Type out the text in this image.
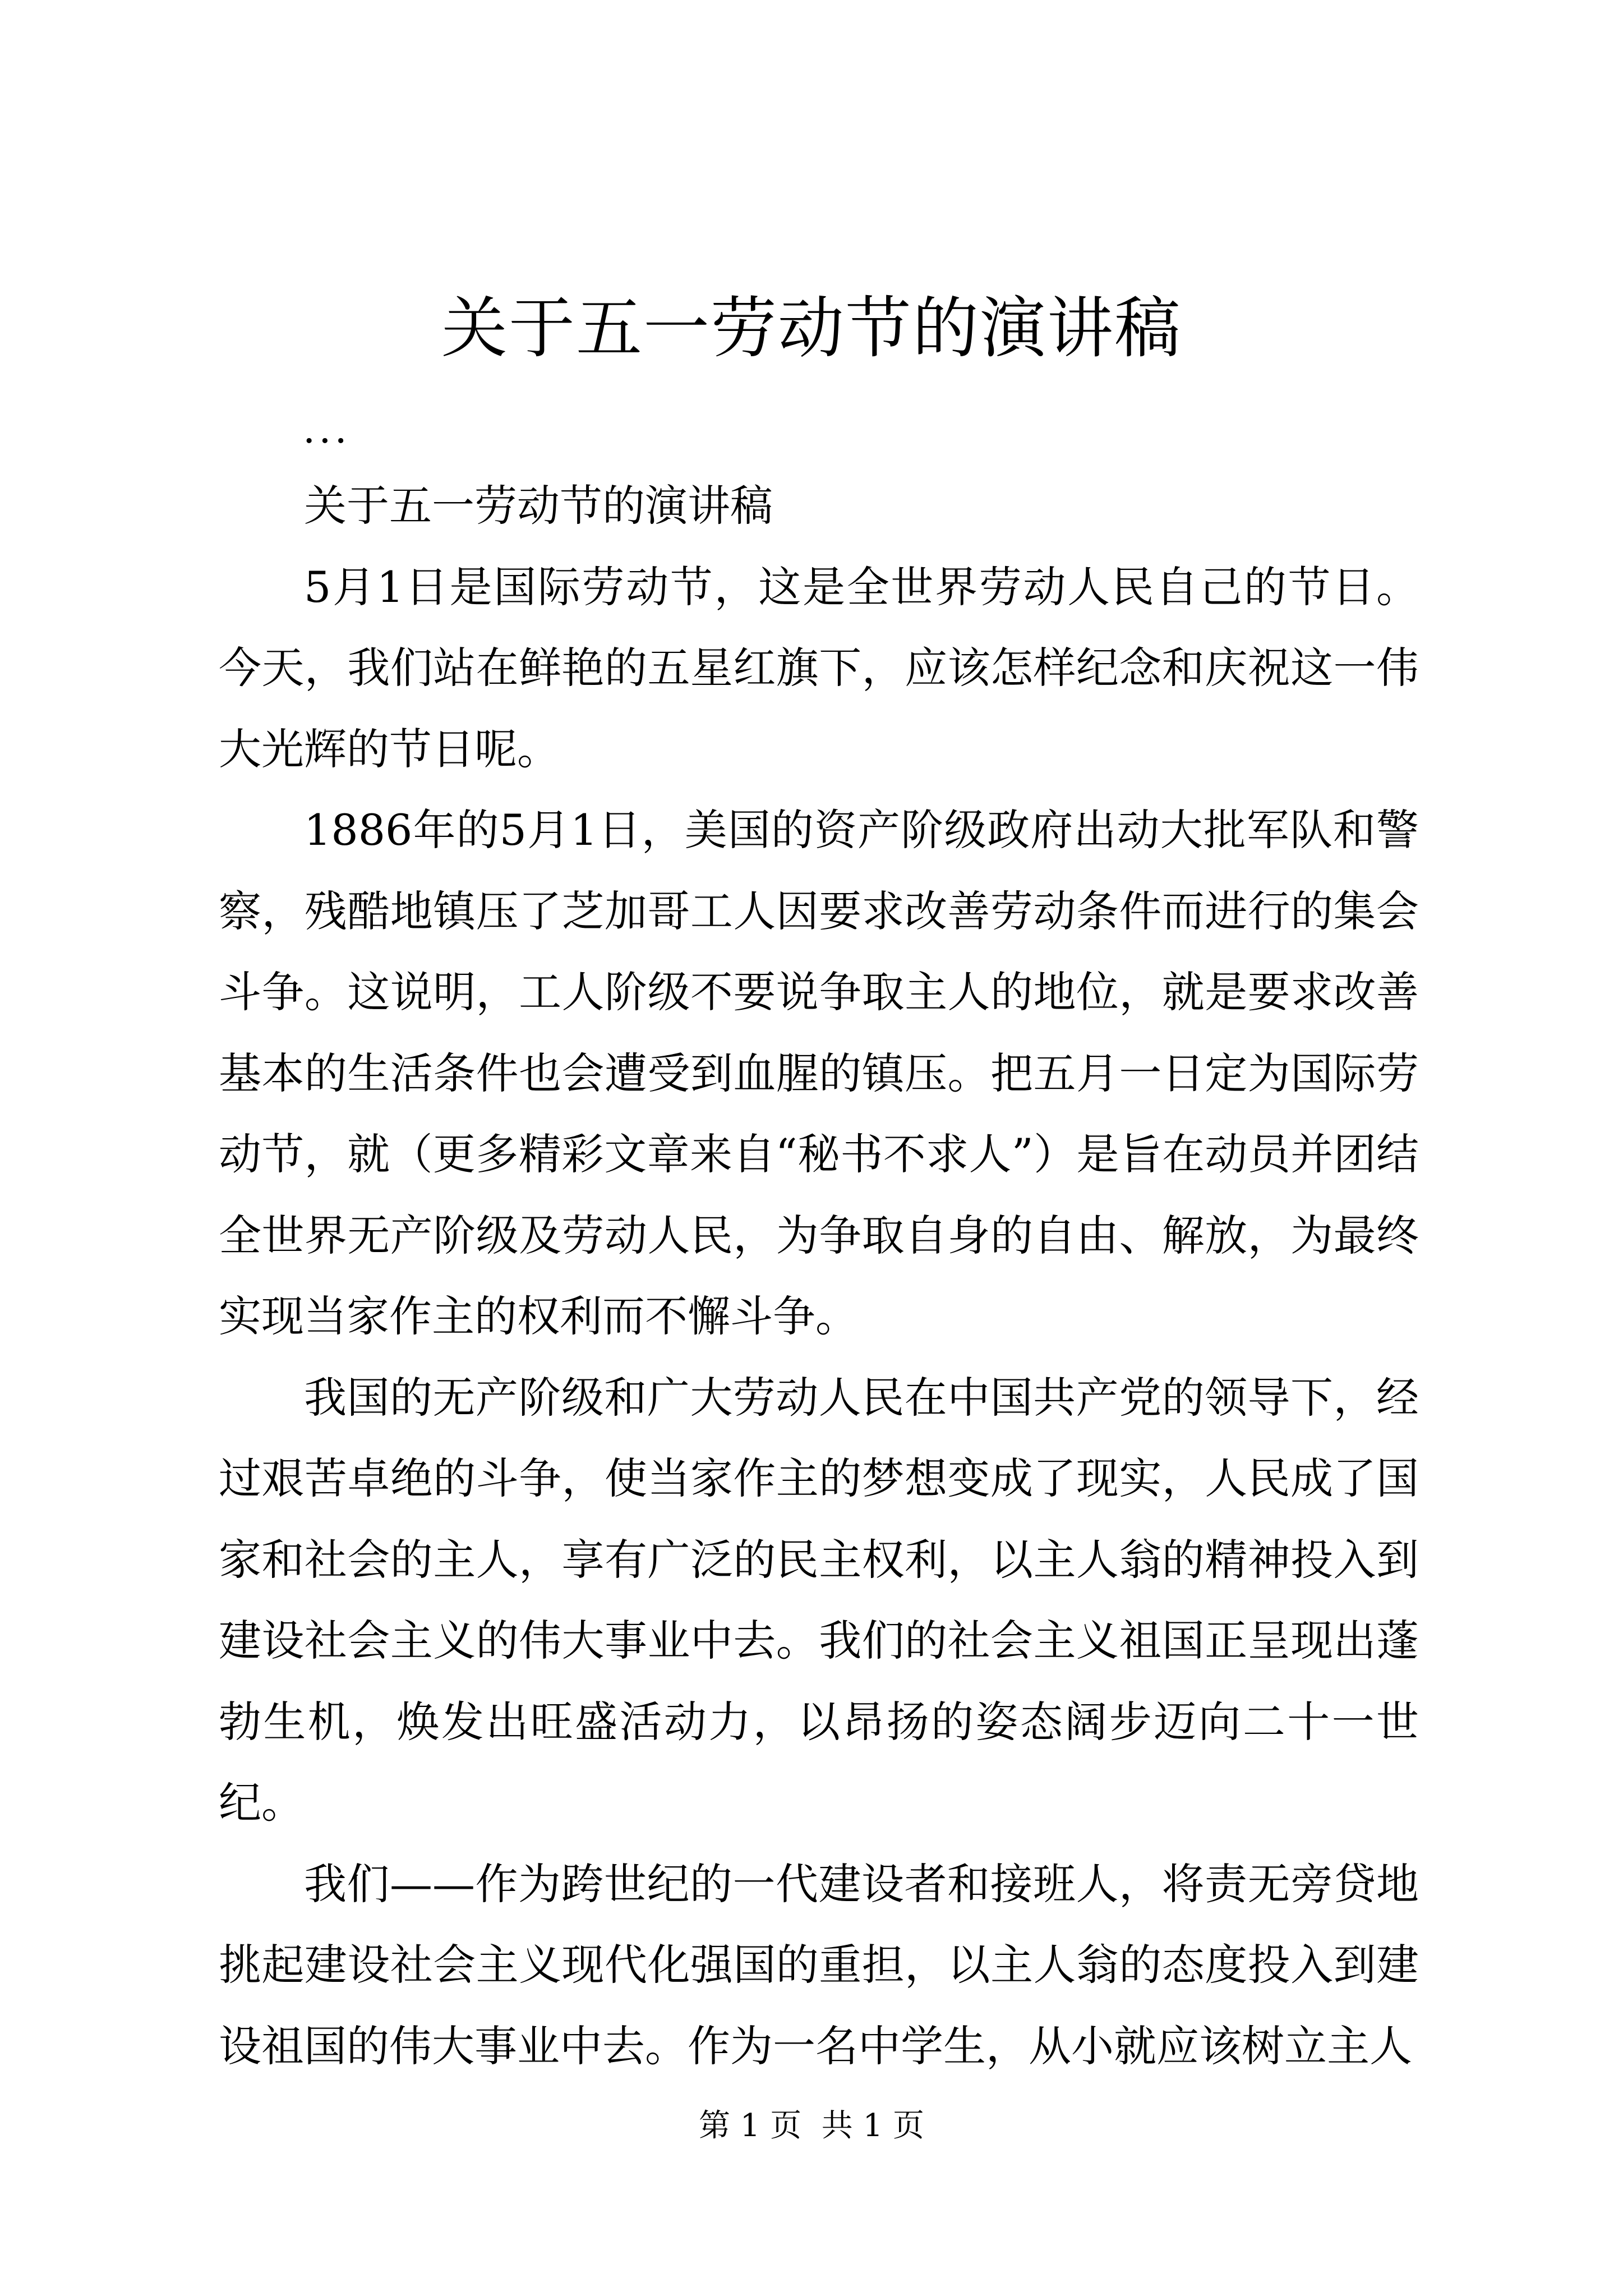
关于五一劳动节的演讲稿
...

关于五一劳动节的演讲稿

5月1日是国际劳动节，这是全世界劳动人民自己的节日。今天，我们站在鲜艳的五星红旗下，应该怎样纪念和庆祝这一伟大光辉的节日呢。

1886年的5月1日，美国的资产阶级政府出动大批军队和警察，残酷地镇压了芝加哥工人因要求改善劳动条件而进行的集会斗争。这说明，工人阶级不要说争取主人的地位，就是要求改善基本的生活条件也会遭受到血腥的镇压。把五月一日定为国际劳动节，就（更多精彩文章来自“秘书不求人”）是旨在动员并团结全世界无产阶级及劳动人民，为争取自身的自由、解放，为最终实现当家作主的权利而不懈斗争。

我国的无产阶级和广大劳动人民在中国共产党的领导下，经过艰苦卓绝的斗争，使当家作主的梦想变成了现实，人民成了国家和社会的主人，享有广泛的民主权利，以主人翁的精神投入到建设社会主义的伟大事业中去。我们的社会主义祖国正呈现出蓬勃生机，焕发出旺盛活动力，以昂扬的姿态阔步迈向二十一世纪。

我们——作为跨世纪的一代建设者和接班人，将责无旁贷地挑起建设社会主义现代化强国的重担，以主人翁的态度投入到建设祖国的伟大事业中去。作为一名中学生，从小就应该树立主人

第 1 页  共 1 页
